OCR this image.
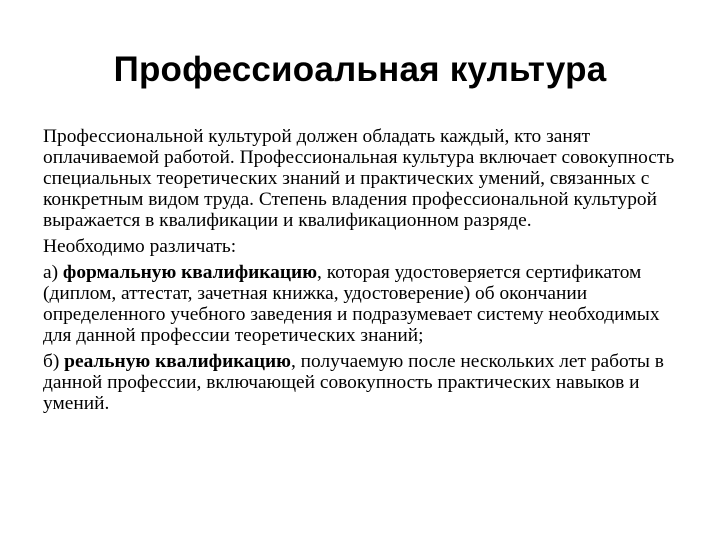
Профессиоальная культура

Профессиональной культурой должен обладать каждый, кто занят оплачиваемой работой. Профессиональная культура включает совокупность специальных теоретических знаний и практических умений, связанных с конкретным видом труда. Степень владения профессиональной культурой выражается в квалификации и квалификационном разряде.

Необходимо различать:

а) формальную квалификацию, которая удостоверяется сертификатом (диплом, аттестат, зачетная книжка, удостоверение) об окончании определенного учебного заведения и подразумевает систему необходимых для данной профессии теоретических знаний;

б) реальную квалификацию, получаемую после нескольких лет работы в данной профессии, включающей совокупность практических навыков и умений.
